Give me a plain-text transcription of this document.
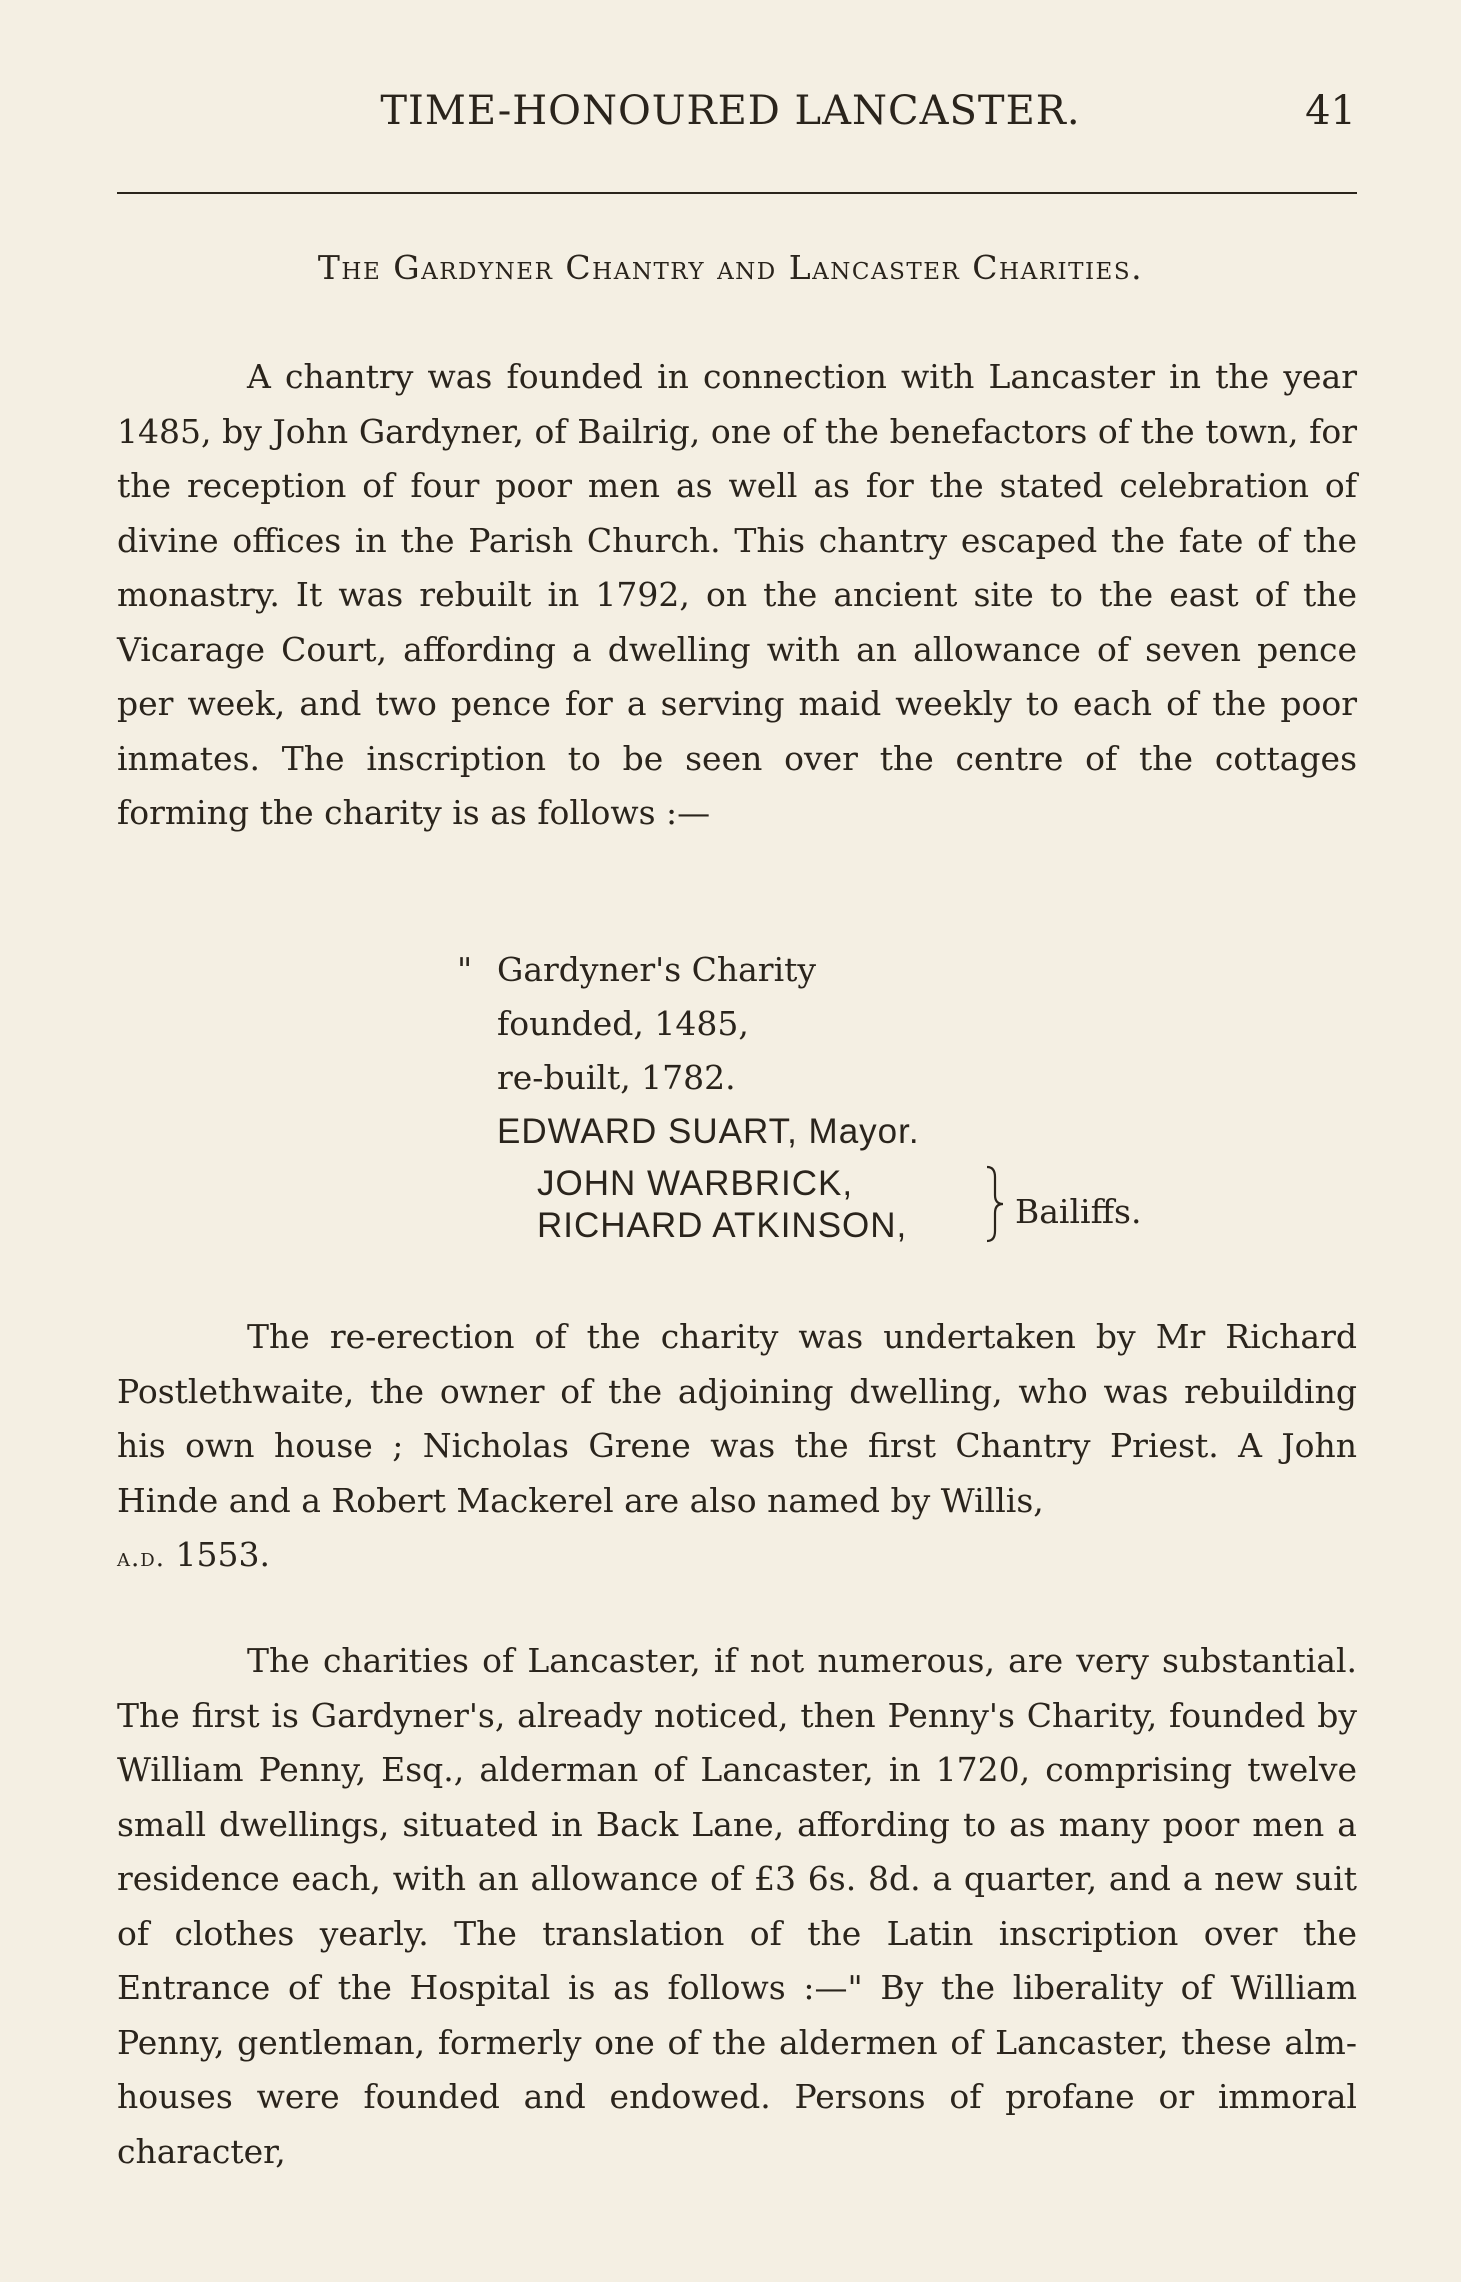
TIME-HONOURED LANCASTER.	41
The Gardyner Chantry and Lancaster Charities.

A chantry was founded in connection with Lancaster in the year 1485, by John Gardyner, of Bailrig, one of the benefactors of the town, for the reception of four poor men as well as for the stated celebration of divine offices in the Parish Church. This chantry escaped the fate of the monastry. It was rebuilt in 1792, on the ancient site to the east of the Vicarage Court, affording a dwelling with an allowance of seven pence per week, and two pence for a serving maid weekly to each of the poor inmates. The inscription to be seen over the centre of the cottages forming the charity is as follows :—

" Gardyner's Charity
founded, 1485,
re-built, 1782.
EDWARD SUART, Mayor.
JOHN WARBRICK,
RICHARD ATKINSON,	Bailiffs.

The re-erection of the charity was undertaken by Mr Richard Postlethwaite, the owner of the adjoining dwelling, who was rebuilding his own house ; Nicholas Grene was the first Chantry Priest. A John Hinde and a Robert Mackerel are also named by Willis,
a.d. 1553.

The charities of Lancaster, if not numerous, are very substantial. The first is Gardyner's, already noticed, then Penny's Charity, founded by William Penny, Esq., alderman of Lancaster, in 1720, comprising twelve small dwellings, situated in Back Lane, affording to as many poor men a residence each, with an allowance of £3 6s. 8d. a quarter, and a new suit of clothes yearly. The translation of the Latin inscription over the Entrance of the Hospital is as follows :—" By the liberality of William Penny, gentleman, formerly one of the aldermen of Lancaster, these alm-houses were founded and endowed. Persons of profane or immoral character,
